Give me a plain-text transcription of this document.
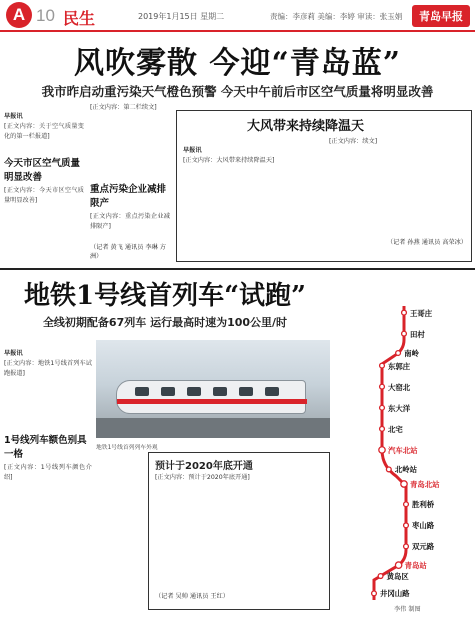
A 10 民生	2019年1月15日 星期二	责编：李彦莉 美编：李婷 审读：张玉娟	青岛早报
风吹雾散 今迎“青岛蓝”
我市昨启动重污染天气橙色预警 今天中午前后市区空气质量将明显改善
早报讯
[正文内容：关于空气质量变化的第一栏报道]
今天市区空气质量明显改善
[正文内容：今天市区空气质量明显改善]
[正文内容：第二栏续文]
重点污染企业减排限产
[正文内容：重点污染企业减排限产]
（记者 黄飞 通讯员 李琳 方洲）
大风带来持续降温天
早报讯
[正文内容：大风带来持续降温天]
[正文内容：续文]
（记者 孙燕 通讯员 高荣冰）
地铁1号线首列车“试跑”
全线初期配备67列车 运行最高时速为100公里/时
早报讯
[正文内容：地铁1号线首列车试跑报道]
1号线列车额色别具一格
[正文内容：1号线列车颜色介绍]
地铁1号线首列列车外观
预计于2020年底开通
[正文内容：预计于2020年底开通]
（记者 吴帅 通讯员 王红）
王哥庄
田村
南岭
东郭庄
大窑北
东大洋
北宅
汽车北站
北岭站
青岛北站
胜利桥
枣山路
双元路
青岛站
黄岛区
井冈山路
李伟 制图
